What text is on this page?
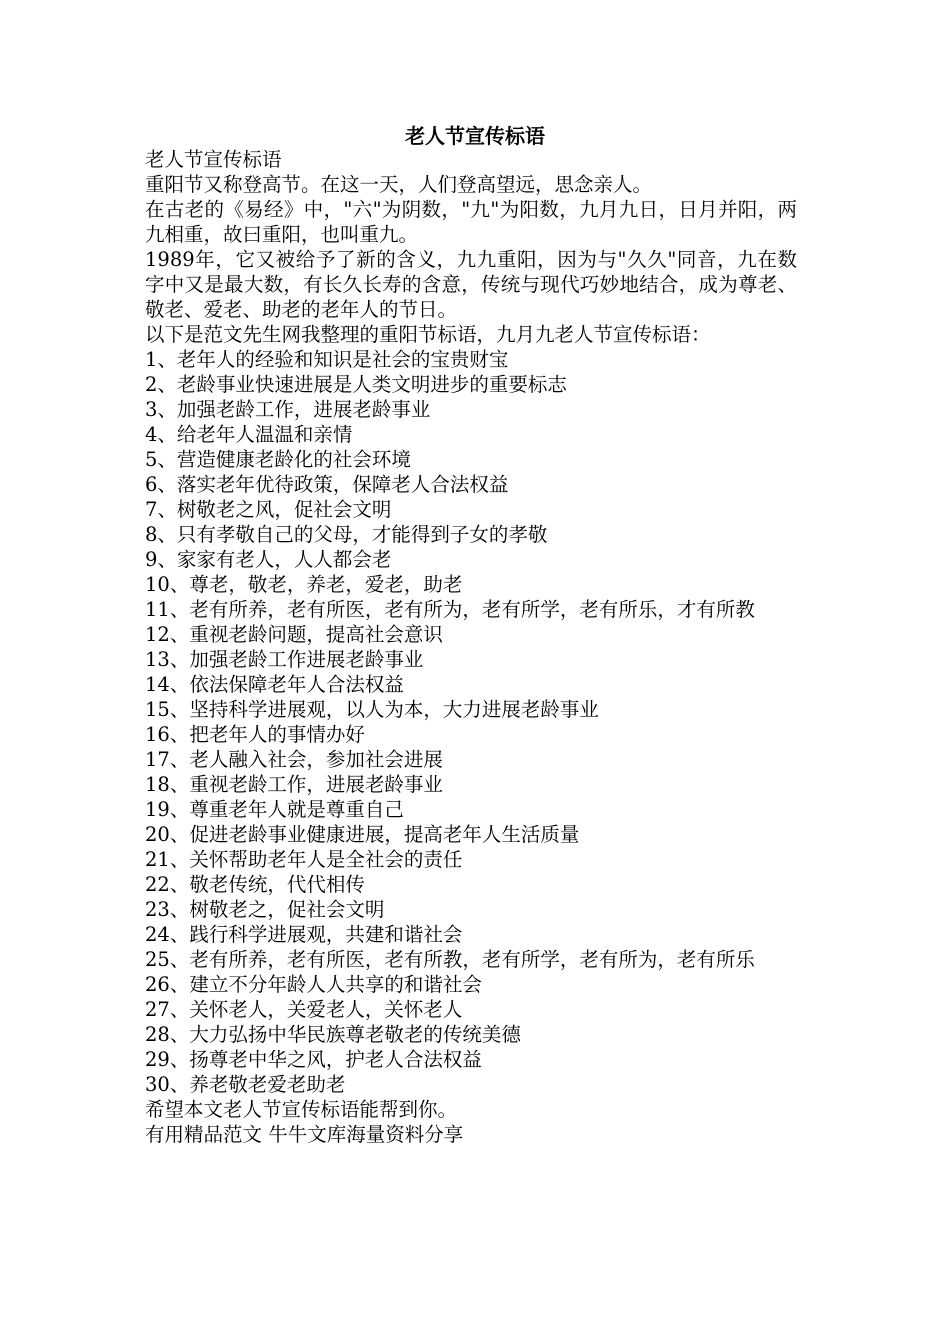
老人节宣传标语

老人节宣传标语

重阳节又称登高节。在这一天，人们登高望远，思念亲人。

在古老的《易经》中，"六"为阴数，"九"为阳数，九月九日，日月并阳，两九相重，故曰重阳，也叫重九。

1989年，它又被给予了新的含义，九九重阳，因为与"久久"同音，九在数字中又是最大数，有长久长寿的含意，传统与现代巧妙地结合，成为尊老、敬老、爱老、助老的老年人的节日。

以下是范文先生网我整理的重阳节标语，九月九老人节宣传标语：

1、老年人的经验和知识是社会的宝贵财宝

2、老龄事业快速进展是人类文明进步的重要标志

3、加强老龄工作，进展老龄事业

4、给老年人温温和亲情

5、营造健康老龄化的社会环境

6、落实老年优待政策，保障老人合法权益

7、树敬老之风，促社会文明

8、只有孝敬自己的父母，才能得到子女的孝敬

9、家家有老人，人人都会老

10、尊老，敬老，养老，爱老，助老

11、老有所养，老有所医，老有所为，老有所学，老有所乐，才有所教

12、重视老龄问题，提高社会意识

13、加强老龄工作进展老龄事业

14、依法保障老年人合法权益

15、坚持科学进展观，以人为本，大力进展老龄事业

16、把老年人的事情办好

17、老人融入社会，参加社会进展

18、重视老龄工作，进展老龄事业

19、尊重老年人就是尊重自己

20、促进老龄事业健康进展，提高老年人生活质量

21、关怀帮助老年人是全社会的责任

22、敬老传统，代代相传

23、树敬老之，促社会文明

24、践行科学进展观，共建和谐社会

25、老有所养，老有所医，老有所教，老有所学，老有所为，老有所乐

26、建立不分年龄人人共享的和谐社会

27、关怀老人，关爱老人，关怀老人

28、大力弘扬中华民族尊老敬老的传统美德

29、扬尊老中华之风，护老人合法权益

30、养老敬老爱老助老

希望本文老人节宣传标语能帮到你。

有用精品范文 牛牛文库海量资料分享
